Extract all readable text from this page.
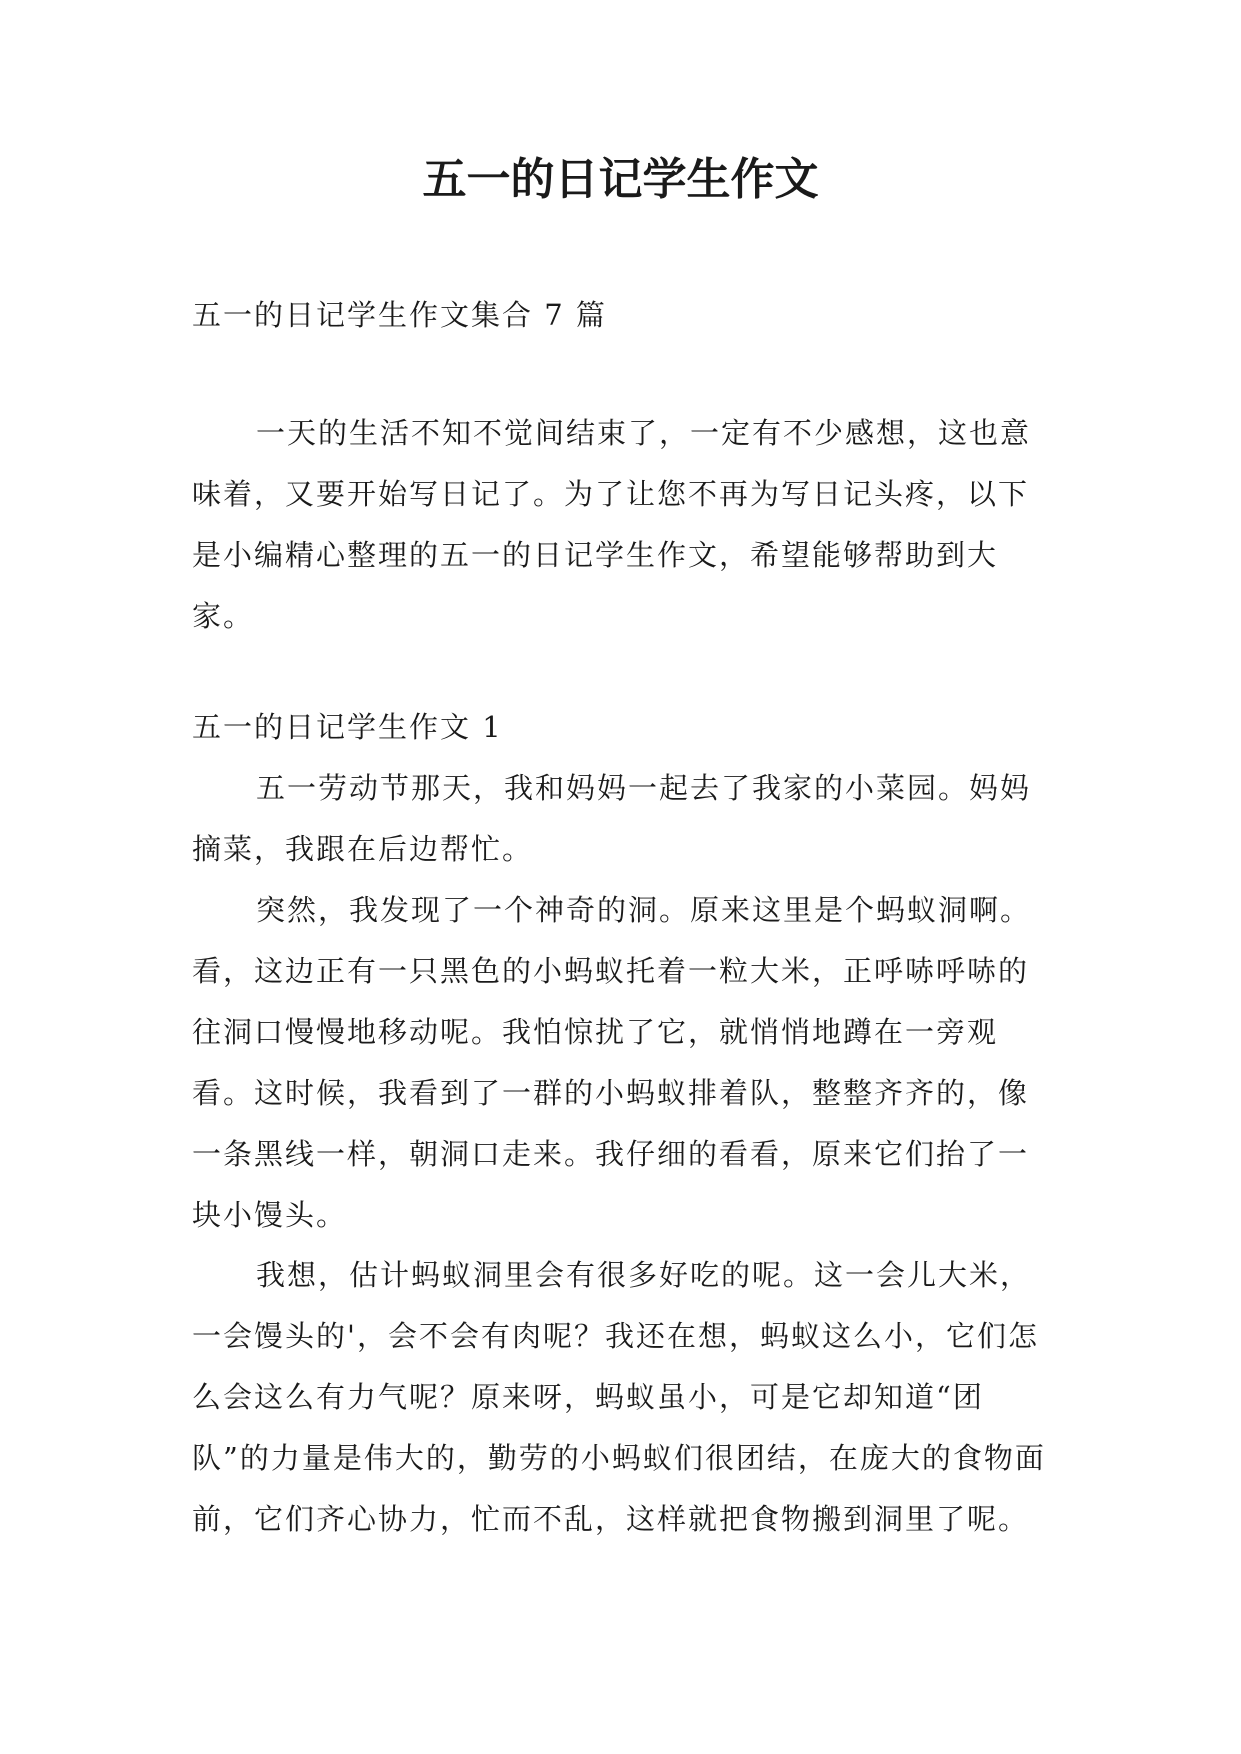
五一的日记学生作文

五一的日记学生作文集合 7 篇

一天的生活不知不觉间结束了，一定有不少感想，这也意味着，又要开始写日记了。为了让您不再为写日记头疼，以下是小编精心整理的五一的日记学生作文，希望能够帮助到大家。

五一的日记学生作文 1

五一劳动节那天，我和妈妈一起去了我家的小菜园。妈妈摘菜，我跟在后边帮忙。

突然，我发现了一个神奇的洞。原来这里是个蚂蚁洞啊。看，这边正有一只黑色的小蚂蚁托着一粒大米，正呼哧呼哧的往洞口慢慢地移动呢。我怕惊扰了它，就悄悄地蹲在一旁观看。这时候，我看到了一群的小蚂蚁排着队，整整齐齐的，像一条黑线一样，朝洞口走来。我仔细的看看，原来它们抬了一块小馒头。

我想，估计蚂蚁洞里会有很多好吃的呢。这一会儿大米，一会馒头的'，会不会有肉呢？我还在想，蚂蚁这么小，它们怎么会这么有力气呢？原来呀，蚂蚁虽小，可是它却知道“团队”的力量是伟大的，勤劳的小蚂蚁们很团结，在庞大的食物面前，它们齐心协力，忙而不乱，这样就把食物搬到洞里了呢。
